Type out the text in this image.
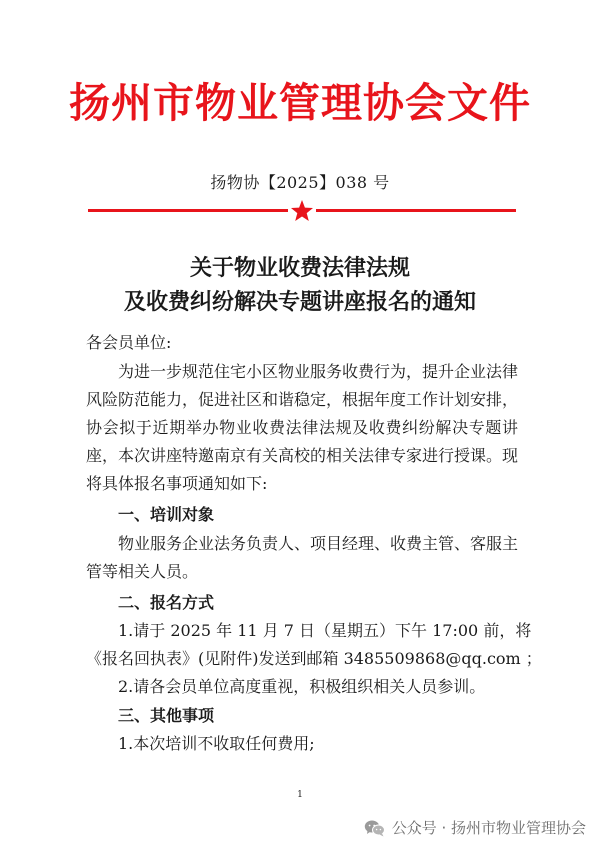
扬州市物业管理协会文件
扬物协【2025】038 号
关于物业收费法律法规
及收费纠纷解决专题讲座报名的通知
各会员单位:
为进一步规范住宅小区物业服务收费行为，提升企业法律风险防范能力，促进社区和谐稳定，根据年度工作计划安排，协会拟于近期举办物业收费法律法规及收费纠纷解决专题讲座，本次讲座特邀南京有关高校的相关法律专家进行授课。现将具体报名事项通知如下:
一、培训对象
物业服务企业法务负责人、项目经理、收费主管、客服主管等相关人员。
二、报名方式
1.请于 2025 年 11 月 7 日（星期五）下午 17:00 前，将
《报名回执表》(见附件)发送到邮箱 3485509868@qq.com ；
2.请各会员单位高度重视，积极组织相关人员参训。
三、其他事项
1.本次培训不收取任何费用;
1
公众号 · 扬州市物业管理协会
